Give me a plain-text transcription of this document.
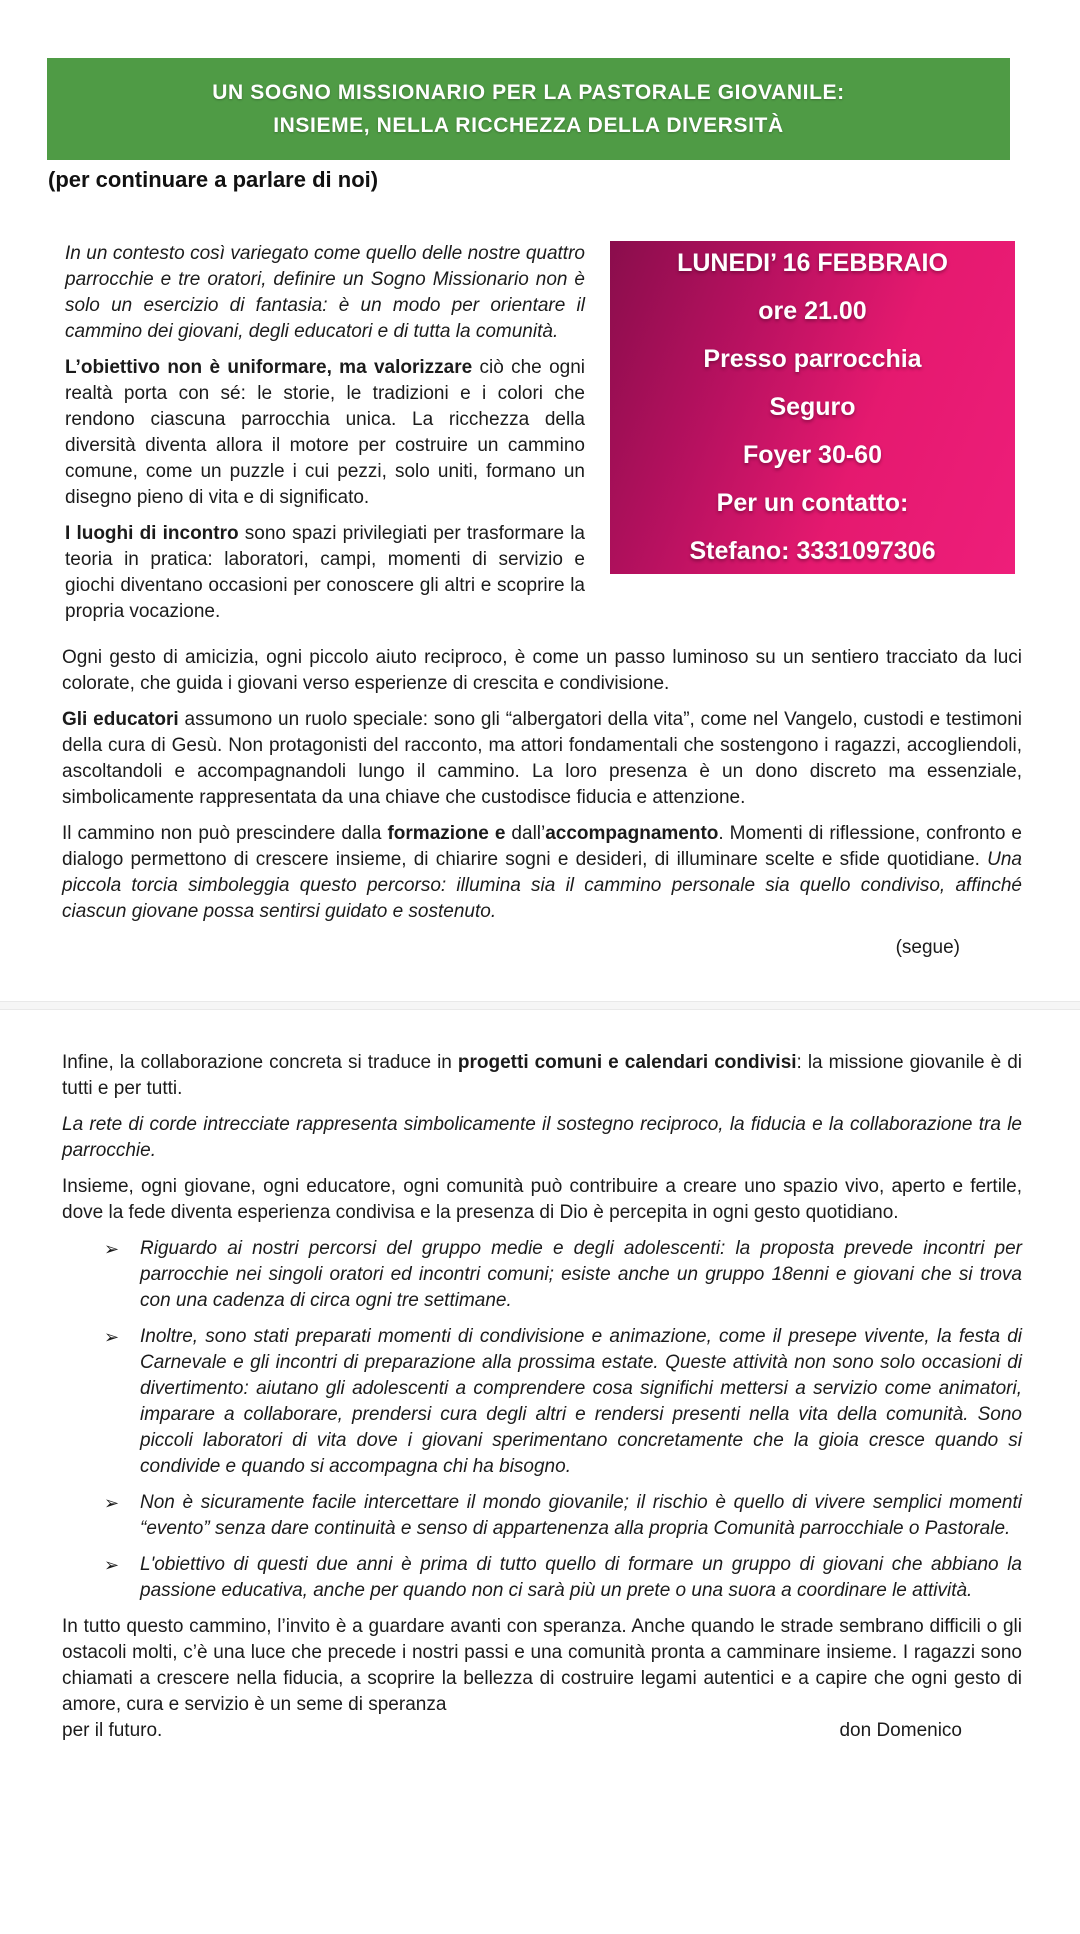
UN SOGNO MISSIONARIO PER LA PASTORALE GIOVANILE:
INSIEME, NELLA RICCHEZZA DELLA DIVERSITÀ
(per continuare a parlare di noi)

In un contesto così variegato come quello delle nostre quattro parrocchie e tre oratori, definire un Sogno Missionario non è solo un esercizio di fantasia: è un modo per orientare il cammino dei giovani, degli educatori e di tutta la comunità.

L’obiettivo non è uniformare, ma valorizzare ciò che ogni realtà porta con sé: le storie, le tradizioni e i colori che rendono ciascuna parrocchia unica. La ricchezza della diversità diventa allora il motore per costruire un cammino comune, come un puzzle i cui pezzi, solo uniti, formano un disegno pieno di vita e di significato.

I luoghi di incontro sono spazi privilegiati per trasformare la teoria in pratica: laboratori, campi, momenti di servizio e giochi diventano occasioni per conoscere gli altri e scoprire la propria vocazione.

LUNEDI’ 16 FEBBRAIO
ore 21.00
Presso parrocchia
Seguro
Foyer 30-60
Per un contatto:
Stefano: 3331097306

Ogni gesto di amicizia, ogni piccolo aiuto reciproco, è come un passo luminoso su un sentiero tracciato da luci colorate, che guida i giovani verso esperienze di crescita e condivisione.

Gli educatori assumono un ruolo speciale: sono gli “albergatori della vita”, come nel Vangelo, custodi e testimoni della cura di Gesù. Non protagonisti del racconto, ma attori fondamentali che sostengono i ragazzi, accogliendoli, ascoltandoli e accompagnandoli lungo il cammino. La loro presenza è un dono discreto ma essenziale, simbolicamente rappresentata da una chiave che custodisce fiducia e attenzione.

Il cammino non può prescindere dalla formazione e dall’accompagnamento. Momenti di riflessione, confronto e dialogo permettono di crescere insieme, di chiarire sogni e desideri, di illuminare scelte e sfide quotidiane. Una piccola torcia simboleggia questo percorso: illumina sia il cammino personale sia quello condiviso, affinché ciascun giovane possa sentirsi guidato e sostenuto.

(segue)

Infine, la collaborazione concreta si traduce in progetti comuni e calendari condivisi: la missione giovanile è di tutti e per tutti.

La rete di corde intrecciate rappresenta simbolicamente il sostegno reciproco, la fiducia e la collaborazione tra le parrocchie.

Insieme, ogni giovane, ogni educatore, ogni comunità può contribuire a creare uno spazio vivo, aperto e fertile, dove la fede diventa esperienza condivisa e la presenza di Dio è percepita in ogni gesto quotidiano.

➢	Riguardo ai nostri percorsi del gruppo medie e degli adolescenti: la proposta prevede incontri per parrocchie nei singoli oratori ed incontri comuni; esiste anche un gruppo 18enni e giovani che si trova con una cadenza di circa ogni tre settimane.
➢	Inoltre, sono stati preparati momenti di condivisione e animazione, come il presepe vivente, la festa di Carnevale e gli incontri di preparazione alla prossima estate. Queste attività non sono solo occasioni di divertimento: aiutano gli adolescenti a comprendere cosa significhi mettersi a servizio come animatori, imparare a collaborare, prendersi cura degli altri e rendersi presenti nella vita della comunità. Sono piccoli laboratori di vita dove i giovani sperimentano concretamente che la gioia cresce quando si condivide e quando si accompagna chi ha bisogno.
➢	Non è sicuramente facile intercettare il mondo giovanile; il rischio è quello di vivere semplici momenti “evento” senza dare continuità e senso di appartenenza alla propria Comunità parrocchiale o Pastorale.
➢	L'obiettivo di questi due anni è prima di tutto quello di formare un gruppo di giovani che abbiano la passione educativa, anche per quando non ci sarà più un prete o una suora a coordinare le attività.

In tutto questo cammino, l’invito è a guardare avanti con speranza. Anche quando le strade sembrano difficili o gli ostacoli molti, c’è una luce che precede i nostri passi e una comunità pronta a camminare insieme. I ragazzi sono chiamati a crescere nella fiducia, a scoprire la bellezza di costruire legami autentici e a capire che ogni gesto di amore, cura e servizio è un seme di speranza

per il futuro.	don Domenico
